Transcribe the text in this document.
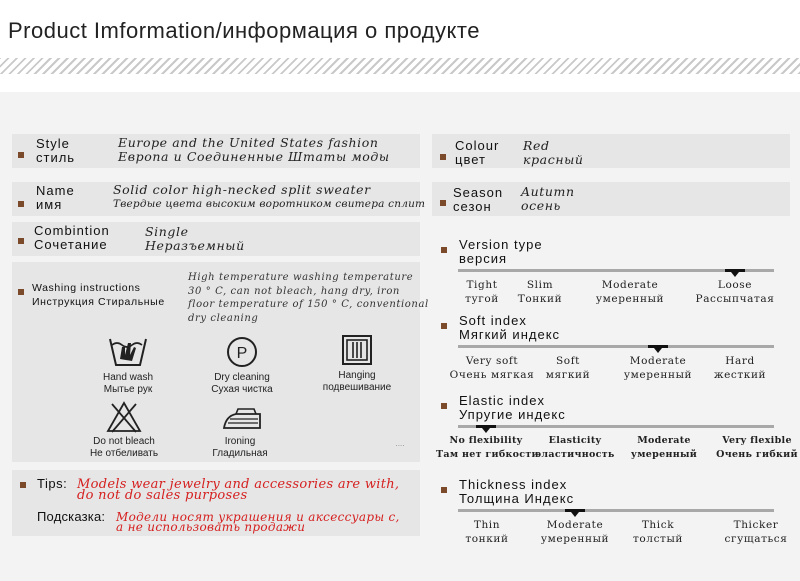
Product Imformation/информация о продукте
Style
стиль
Europe and the United States fashion
Европа и Соединенные Штаты моды
Name
имя
Solid color high-necked split sweater
Твердые цвета высоким воротником свитера сплит
Combintion
Сочетание
Single
Неразъемный
Washing instructions
Инструкция Стиральные
High temperature washing temperature
30 ° C, can not bleach, hang dry, iron
floor temperature of 150 ° C, conventional
dry cleaning
Hand wash
Мытье рук
P
Dry cleaning
Сухая чистка
Hanging
подвешивание
Do not bleach
Не отбеливать
Ironing
Гладильная
....
Tips: Models wear jewelry and accessories are with,
do not do sales purposes
Подсказка: Модели носят украшения и аксессуары с,
а не использовать продажи
Colour
цвет
Red
красный
Season
сезон
Autumn
осень
Version type
версия
Tight
тугой
Slim
Тонкий
Moderate
умеренный
Loose
Рассыпчатая
Soft index
Мягкий индекс
Very soft
Очень мягкая
Soft
мягкий
Moderate
умеренный
Hard
жесткий
Elastic index
Упругие индекс
No flexibility
Там нет гибкости
Elasticity
эластичность
Moderate
умеренный
Very flexible
Очень гибкий
Thickness index
Толщина Индекс
Thin
тонкий
Moderate
умеренный
Thick
толстый
Thicker
сгущаться
